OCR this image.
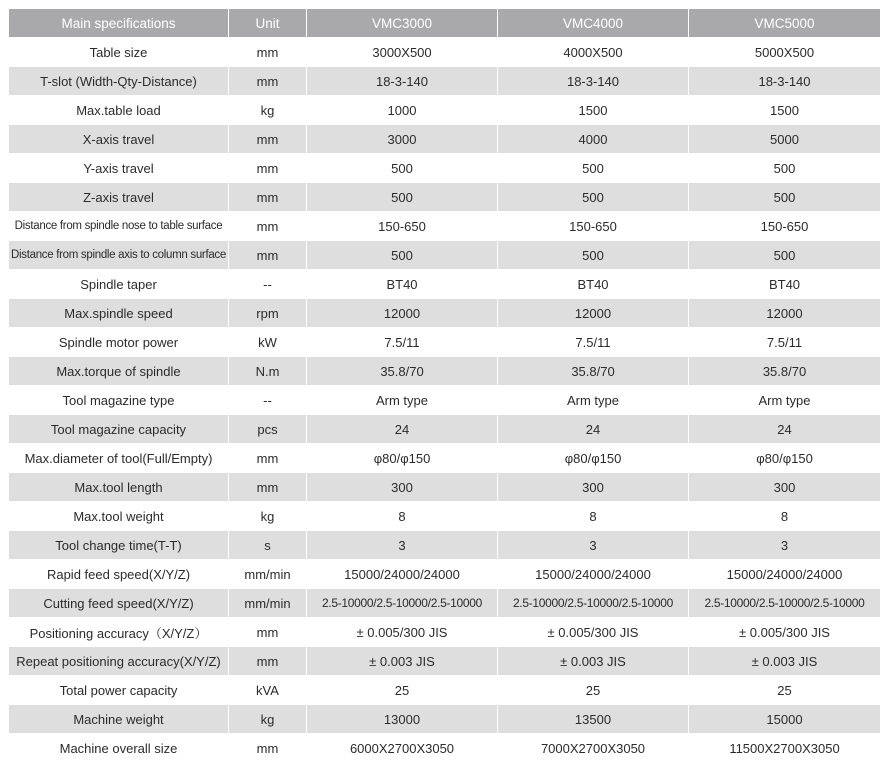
Main specifications	Unit	VMC3000	VMC4000	VMC5000
Table size	mm	3000X500	4000X500	5000X500
T-slot (Width-Qty-Distance)	mm	18-3-140	18-3-140	18-3-140
Max.table load	kg	1000	1500	1500
X-axis travel	mm	3000	4000	5000
Y-axis travel	mm	500	500	500
Z-axis travel	mm	500	500	500
Distance from spindle nose to table surface	mm	150-650	150-650	150-650
Distance from spindle axis to column surface	mm	500	500	500
Spindle taper	--	BT40	BT40	BT40
Max.spindle speed	rpm	12000	12000	12000
Spindle motor power	kW	7.5/11	7.5/11	7.5/11
Max.torque of spindle	N.m	35.8/70	35.8/70	35.8/70
Tool magazine type	--	Arm type	Arm type	Arm type
Tool magazine capacity	pcs	24	24	24
Max.diameter of tool(Full/Empty)	mm	φ80/φ150	φ80/φ150	φ80/φ150
Max.tool length	mm	300	300	300
Max.tool weight	kg	8	8	8
Tool change time(T-T)	s	3	3	3
Rapid feed speed(X/Y/Z)	mm/min	15000/24000/24000	15000/24000/24000	15000/24000/24000
Cutting feed speed(X/Y/Z)	mm/min	2.5-10000/2.5-10000/2.5-10000	2.5-10000/2.5-10000/2.5-10000	2.5-10000/2.5-10000/2.5-10000
Positioning accuracy（X/Y/Z）	mm	± 0.005/300 JIS	± 0.005/300 JIS	± 0.005/300 JIS
Repeat positioning accuracy(X/Y/Z)	mm	± 0.003 JIS	± 0.003 JIS	± 0.003 JIS
Total power capacity	kVA	25	25	25
Machine weight	kg	13000	13500	15000
Machine overall size	mm	6000X2700X3050	7000X2700X3050	11500X2700X3050
